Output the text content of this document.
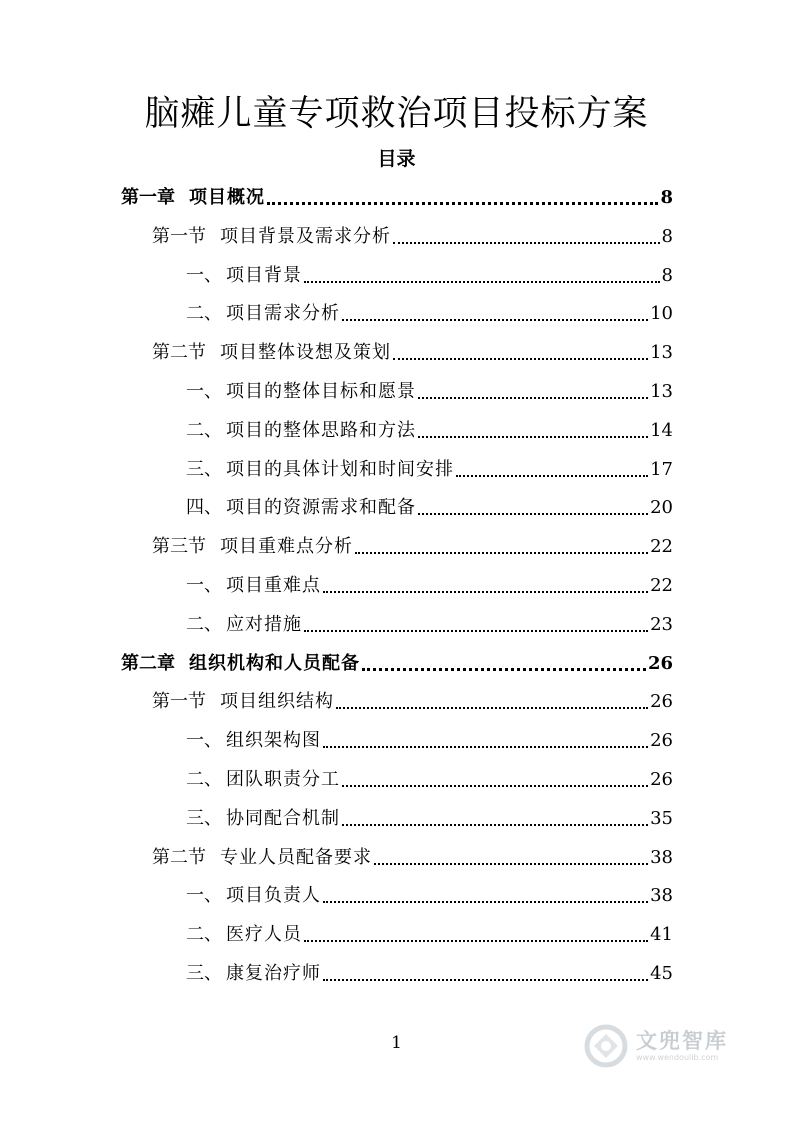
脑瘫儿童专项救治项目投标方案
目录
第一章 项目概况	8
第一节 项目背景及需求分析	8
一、 项目背景	8
二、 项目需求分析	10
第二节 项目整体设想及策划	13
一、 项目的整体目标和愿景	13
二、 项目的整体思路和方法	14
三、 项目的具体计划和时间安排	17
四、 项目的资源需求和配备	20
第三节 项目重难点分析	22
一、 项目重难点	22
二、 应对措施	23
第二章 组织机构和人员配备	26
第一节 项目组织结构	26
一、 组织架构图	26
二、 团队职责分工	26
三、 协同配合机制	35
第二节 专业人员配备要求	38
一、 项目负责人	38
二、 医疗人员	41
三、 康复治疗师	45
1	文兜智库
www.wendoulib.com
